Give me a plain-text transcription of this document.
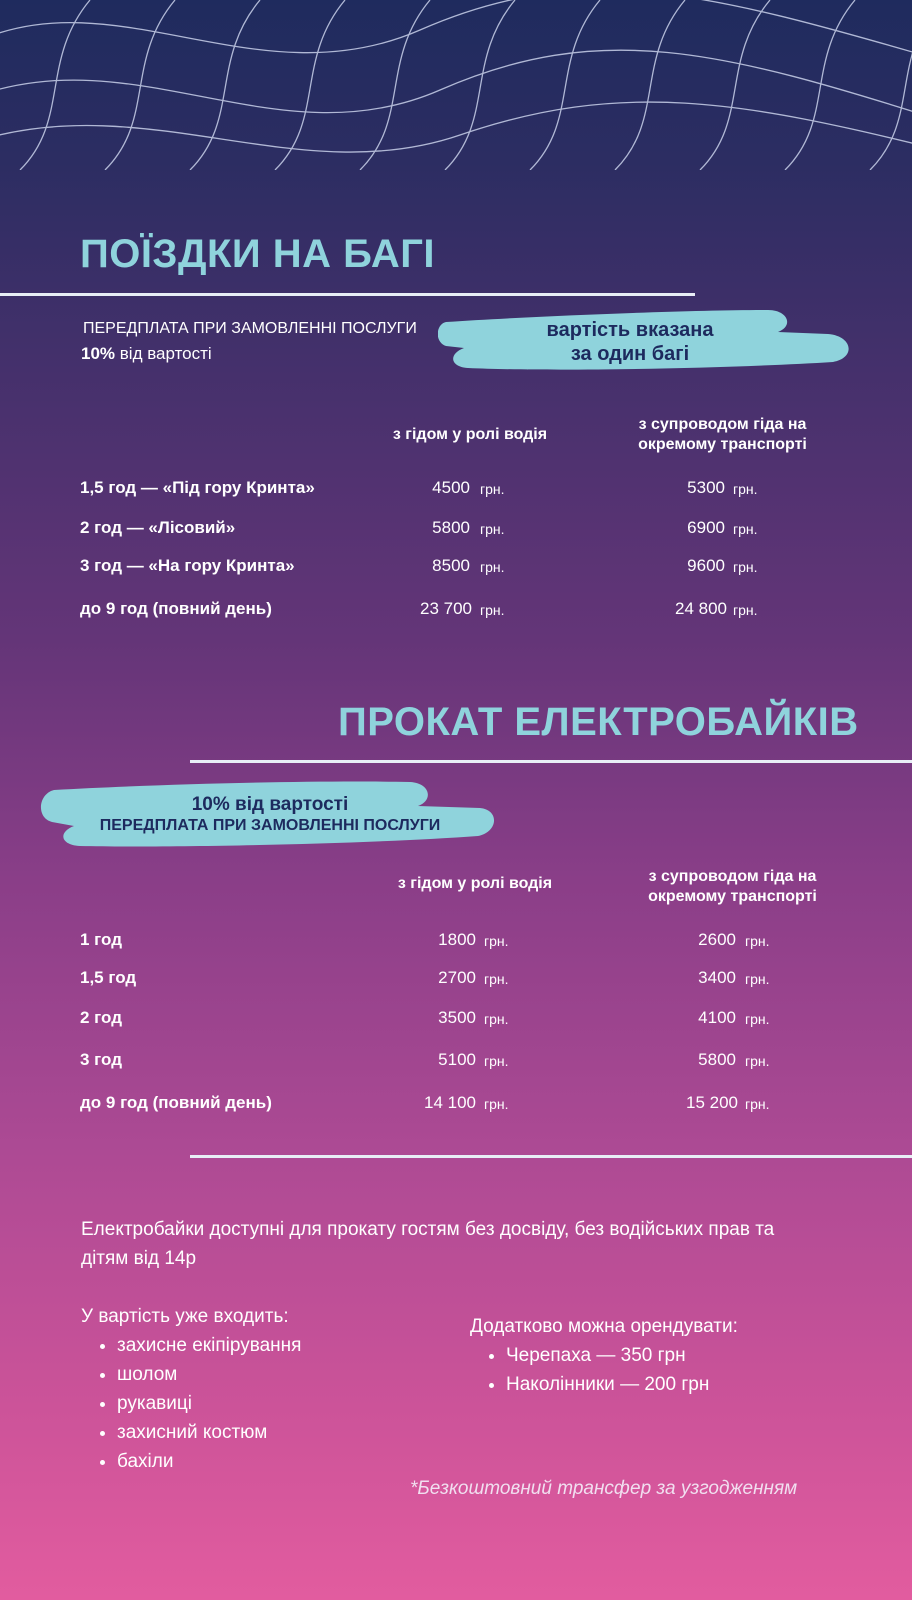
ПОЇЗДКИ НА БАГІ
ПЕРЕДПЛАТА ПРИ ЗАМОВЛЕННІ ПОСЛУГИ
10% від вартості
вартість вказана
за один багі
з гідом у ролі водія
з супроводом гіда на
окремому транспорті
1,5 год — «Під гору Кринта»	4500 грн.	5300 грн.
2 год — «Лісовий»	5800 грн.	6900 грн.
3 год — «На гору Кринта»	8500 грн.	9600 грн.
до 9 год (повний день)	23 700 грн.	24 800 грн.
ПРОКАТ ЕЛЕКТРОБАЙКІВ
10% від вартості
ПЕРЕДПЛАТА ПРИ ЗАМОВЛЕННІ ПОСЛУГИ
з гідом у ролі водія	з супроводом гіда на
окремому транспорті
1 год	1800 грн.	2600 грн.
1,5 год	2700 грн.	3400 грн.
2 год	3500 грн.	4100 грн.
3 год	5100 грн.	5800 грн.
до 9 год (повний день)	14 100 грн.	15 200 грн.
Електробайки доступні для прокату гостям без досвіду, без водійських прав та дітям від 14р
У вартість уже входить:
• захисне екіпірування
• шолом
• рукавиці
• захисний костюм
• бахіли
Додатково можна орендувати:
• Черепаха — 350 грн
• Наколінники — 200 грн
*Безкоштовний трансфер за узгодженням
